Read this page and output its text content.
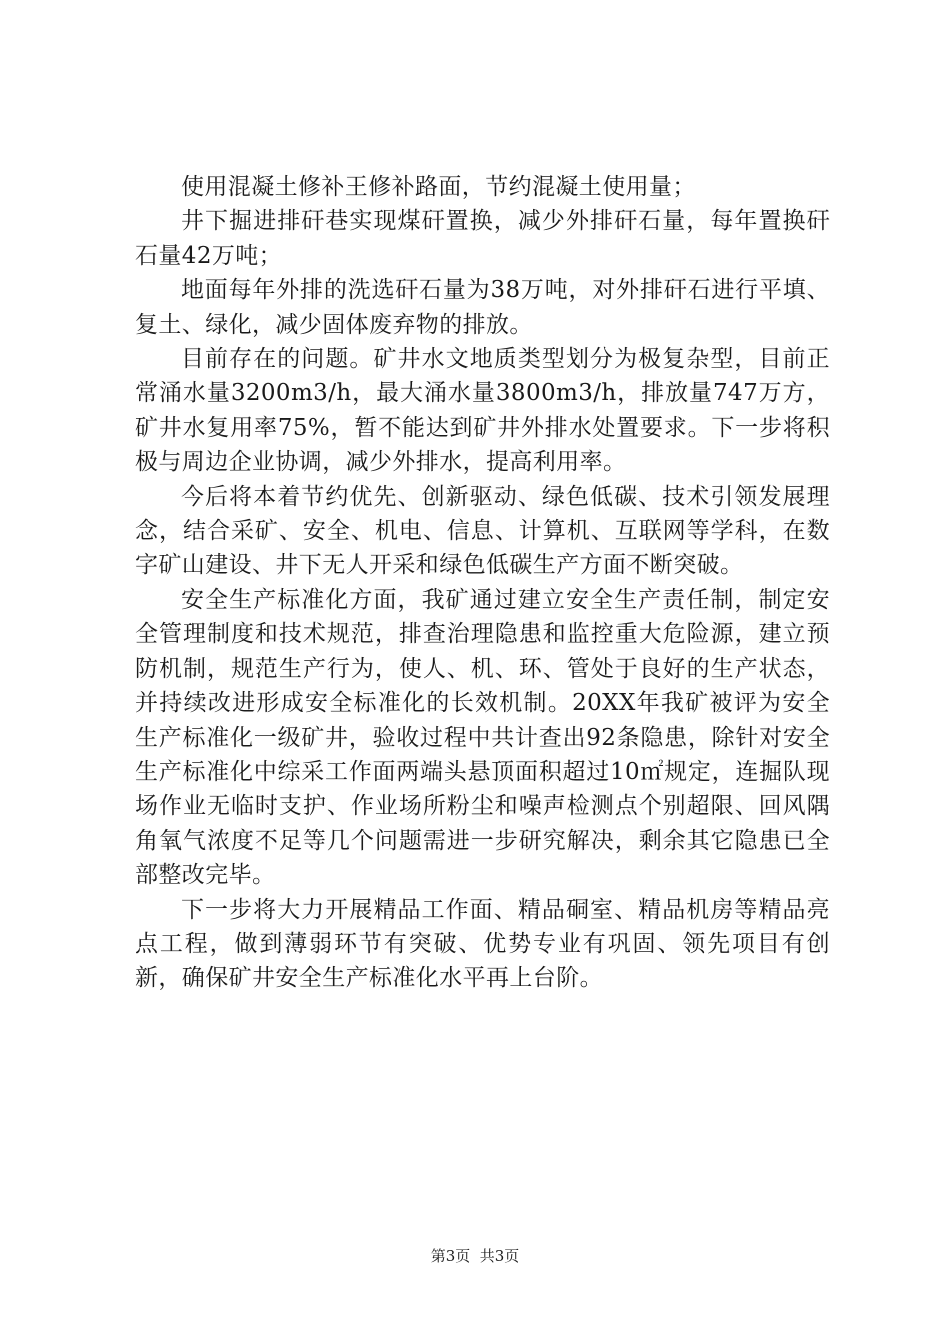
使用混凝土修补王修补路面，节约混凝土使用量；

井下掘进排矸巷实现煤矸置换，减少外排矸石量，每年置换矸石量42万吨；

地面每年外排的洗选矸石量为38万吨，对外排矸石进行平填、复土、绿化，减少固体废弃物的排放。

目前存在的问题。矿井水文地质类型划分为极复杂型，目前正常涌水量3200m3/h，最大涌水量3800m3/h，排放量747万方，矿井水复用率75%，暂不能达到矿井外排水处置要求。下一步将积极与周边企业协调，减少外排水，提高利用率。

今后将本着节约优先、创新驱动、绿色低碳、技术引领发展理念，结合采矿、安全、机电、信息、计算机、互联网等学科，在数字矿山建设、井下无人开采和绿色低碳生产方面不断突破。

安全生产标准化方面，我矿通过建立安全生产责任制，制定安全管理制度和技术规范，排查治理隐患和监控重大危险源，建立预防机制，规范生产行为，使人、机、环、管处于良好的生产状态，并持续改进形成安全标准化的长效机制。20XX年我矿被评为安全生产标准化一级矿井，验收过程中共计查出92条隐患，除针对安全生产标准化中综采工作面两端头悬顶面积超过10㎡规定，连掘队现场作业无临时支护、作业场所粉尘和噪声检测点个别超限、回风隅角氧气浓度不足等几个问题需进一步研究解决，剩余其它隐患已全部整改完毕。

下一步将大力开展精品工作面、精品硐室、精品机房等精品亮点工程，做到薄弱环节有突破、优势专业有巩固、领先项目有创新，确保矿井安全生产标准化水平再上台阶。

第3页  共3页
